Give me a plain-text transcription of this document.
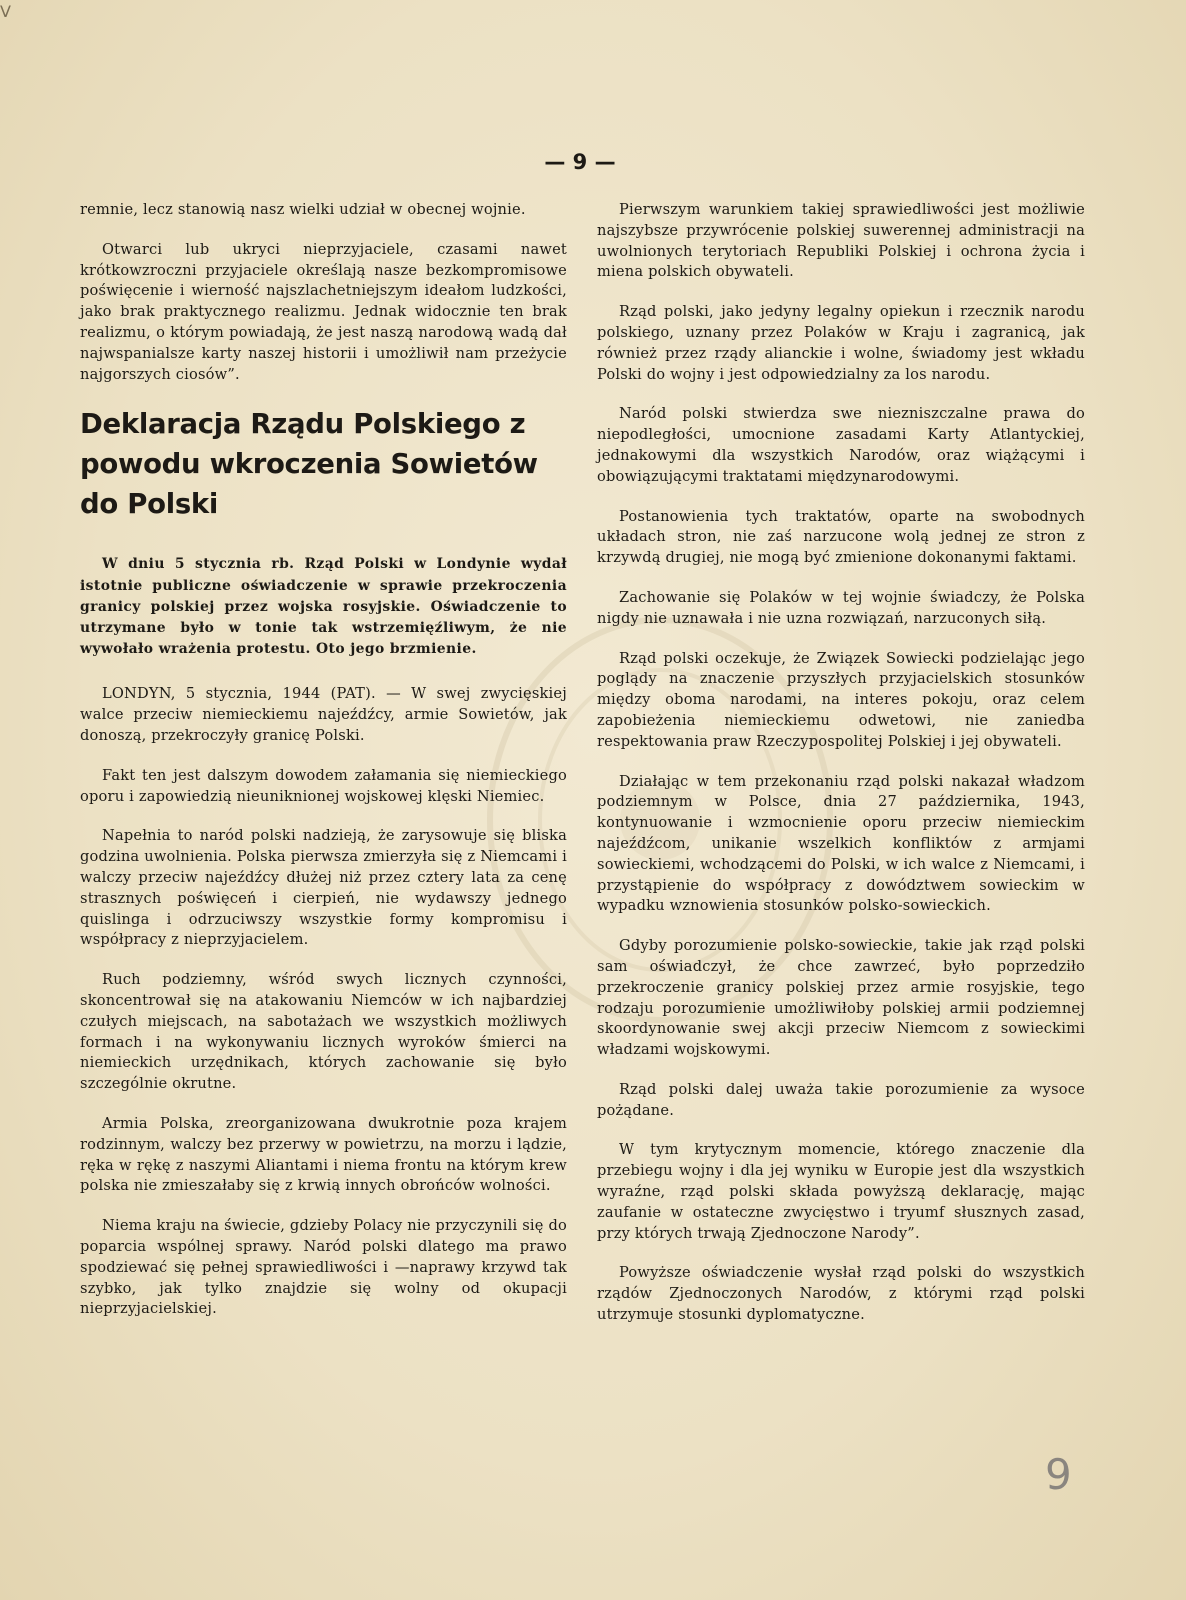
V
— 9 —

remnie, lecz stanowią nasz wielki udział w obecnej wojnie.

Otwarci lub ukryci nieprzyjaciele, czasami nawet krótkowzroczni przyjaciele określają nasze bezkompromisowe poświęcenie i wierność najszlachetniejszym ideałom ludzkości, jako brak praktycznego realizmu. Jednak widocznie ten brak realizmu, o którym powiadają, że jest naszą narodową wadą dał najwspanialsze karty naszej historii i umożliwił nam przeżycie najgorszych ciosów”.

Deklaracja Rządu Polskiego z powodu wkroczenia Sowietów do Polski

W dniu 5 stycznia rb. Rząd Polski w Londynie wydał istotnie publiczne oświadczenie w sprawie przekroczenia granicy polskiej przez wojska rosyjskie. Oświadczenie to utrzymane było w tonie tak wstrzemięźliwym, że nie wywołało wrażenia protestu. Oto jego brzmienie.

LONDYN, 5 stycznia, 1944 (PAT). — W swej zwycięskiej walce przeciw niemieckiemu najeźdźcy, armie Sowietów, jak donoszą, przekroczyły granicę Polski.

Fakt ten jest dalszym dowodem załamania się niemieckiego oporu i zapowiedzią nieuniknionej wojskowej klęski Niemiec.

Napełnia to naród polski nadzieją, że zarysowuje się bliska godzina uwolnienia. Polska pierwsza zmierzyła się z Niemcami i walczy przeciw najeźdźcy dłużej niż przez cztery lata za cenę strasznych poświęceń i cierpień, nie wydawszy jednego quislinga i odrzuciwszy wszystkie formy kompromisu i współpracy z nieprzyjacielem.

Ruch podziemny, wśród swych licznych czynności, skoncentrował się na atakowaniu Niemców w ich najbardziej czułych miejscach, na sabotażach we wszystkich możliwych formach i na wykonywaniu licznych wyroków śmierci na niemieckich urzędnikach, których zachowanie się było szczególnie okrutne.

Armia Polska, zreorganizowana dwukrotnie poza krajem rodzinnym, walczy bez przerwy w powietrzu, na morzu i lądzie, ręka w rękę z naszymi Aliantami i niema frontu na którym krew polska nie zmieszałaby się z krwią innych obrońców wolności.

Niema kraju na świecie, gdzieby Polacy nie przyczynili się do poparcia wspólnej sprawy. Naród polski dlatego ma prawo spodziewać się pełnej sprawiedliwości i —naprawy krzywd tak szybko, jak tylko znajdzie się wolny od okupacji nieprzyjacielskiej.

Pierwszym warunkiem takiej sprawiedliwości jest możliwie najszybsze przywrócenie polskiej suwerennej administracji na uwolnionych terytoriach Republiki Polskiej i ochrona życia i miena polskich obywateli.

Rząd polski, jako jedyny legalny opiekun i rzecznik narodu polskiego, uznany przez Polaków w Kraju i zagranicą, jak również przez rządy alianckie i wolne, świadomy jest wkładu Polski do wojny i jest odpowiedzialny za los narodu.

Naród polski stwierdza swe niezniszczalne prawa do niepodległości, umocnione zasadami Karty Atlantyckiej, jednakowymi dla wszystkich Narodów, oraz wiążącymi i obowiązującymi traktatami międzynarodowymi.

Postanowienia tych traktatów, oparte na swobodnych układach stron, nie zaś narzucone wolą jednej ze stron z krzywdą drugiej, nie mogą być zmienione dokonanymi faktami.

Zachowanie się Polaków w tej wojnie świadczy, że Polska nigdy nie uznawała i nie uzna rozwiązań, narzuconych siłą.

Rząd polski oczekuje, że Związek Sowiecki podzielając jego poglądy na znaczenie przyszłych przyjacielskich stosunków między oboma narodami, na interes pokoju, oraz celem zapobieżenia niemieckiemu odwetowi, nie zaniedba respektowania praw Rzeczypospolitej Polskiej i jej obywateli.

Działając w tem przekonaniu rząd polski nakazał władzom podziemnym w Polsce, dnia 27 października, 1943, kontynuowanie i wzmocnienie oporu przeciw niemieckim najeźdźcom, unikanie wszelkich konfliktów z armjami sowieckiemi, wchodzącemi do Polski, w ich walce z Niemcami, i przystąpienie do współpracy z dowództwem sowieckim w wypadku wznowienia stosunków polsko-sowieckich.

Gdyby porozumienie polsko-sowieckie, takie jak rząd polski sam oświadczył, że chce zawrzeć, było poprzedziło przekroczenie granicy polskiej przez armie rosyjskie, tego rodzaju porozumienie umożliwiłoby polskiej armii podziemnej skoordynowanie swej akcji przeciw Niemcom z sowieckimi władzami wojskowymi.

Rząd polski dalej uważa takie porozumienie za wysoce pożądane.

W tym krytycznym momencie, którego znaczenie dla przebiegu wojny i dla jej wyniku w Europie jest dla wszystkich wyraźne, rząd polski składa powyższą deklarację, mając zaufanie w ostateczne zwycięstwo i tryumf słusznych zasad, przy których trwają Zjednoczone Narody”.

Powyższe oświadczenie wysłał rząd polski do wszystkich rządów Zjednoczonych Narodów, z którymi rząd polski utrzymuje stosunki dyplomatyczne.

9
